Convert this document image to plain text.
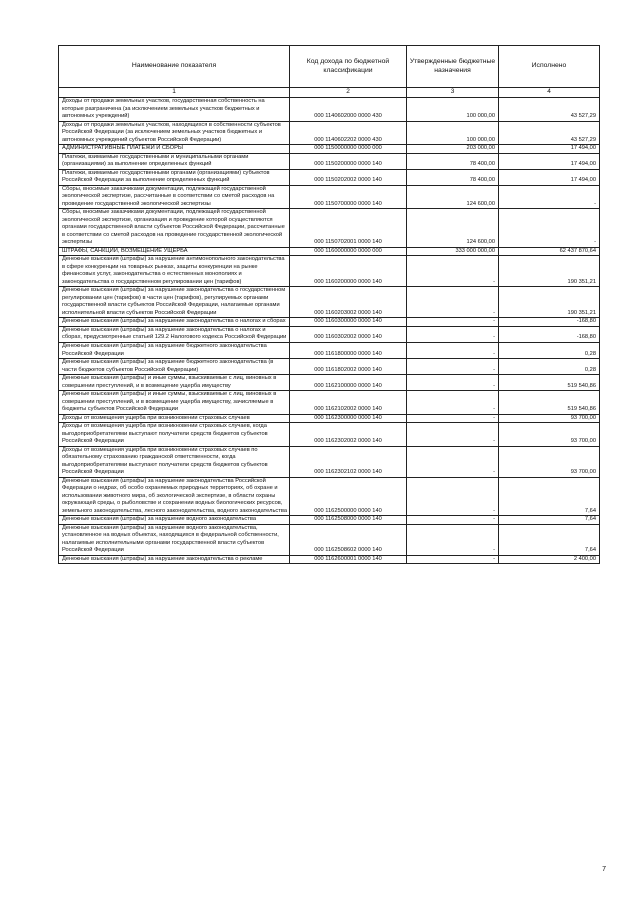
Наименование показателя	Код дохода по бюджетной классификации	Утвержденные бюджетные назначения	Исполнено
1	2	3	4
Доходы от продажи земельных участков, государственная собственность на которые разграничена (за исключением земельных участков бюджетных и автономных учреждений)	000 1140602000 0000 430	100 000,00	43 527,29
Доходы от продажи земельных участков, находящихся в собственности субъектов Российской Федерации (за исключением земельных участков бюджетных и автономных учреждений субъектов Российской Федерации)	000 1140602202 0000 430	100 000,00	43 527,29
АДМИНИСТРАТИВНЫЕ ПЛАТЕЖИ И СБОРЫ	000 1150000000 0000 000	203 000,00	17 494,00
Платежи, взимаемые государственными и муниципальными органами (организациями) за выполнение определенных функций	000 1150200000 0000 140	78 400,00	17 494,00
Платежи, взимаемые государственными органами (организациями) субъектов Российской Федерации за выполнение определенных функций	000 1150202002 0000 140	78 400,00	17 494,00
Сборы, вносимые заказчиками документации, подлежащей государственной экологической экспертизе, рассчитанные в соответствии со сметой расходов на проведение государственной экологической экспертизы	000 1150700000 0000 140	124 600,00	-
Сборы, вносимые заказчиками документации, подлежащей государственной экологической экспертизе, организация и проведение которой осуществляются органами государственной власти субъектов Российской Федерации, рассчитанные в соответствии со сметой расходов на проведение государственной экологической экспертизы	000 1150702001 0000 140	124 600,00	-
ШТРАФЫ, САНКЦИИ, ВОЗМЕЩЕНИЕ УЩЕРБА	000 1160000000 0000 000	333 000 000,00	62 437 870,64
Денежные взыскания (штрафы) за нарушение антимонопольного законодательства в сфере конкуренции на товарных рынках, защиты конкуренции на рынке финансовых услуг, законодательства о естественных монополиях и законодательства о государственном регулировании цен (тарифов)	000 1160200000 0000 140	-	190 351,21
Денежные взыскания (штрафы) за нарушение законодательства о государственном регулировании цен (тарифов) в части цен (тарифов), регулируемых органами государственной власти субъектов Российской Федерации, налагаемые органами исполнительной власти субъектов Российской Федерации	000 1160203002 0000 140	-	190 351,21
Денежные взыскания (штрафы) за нарушение законодательства о налогах и сборах	000 1160300000 0000 140	-	-168,80
Денежные взыскания (штрафы) за нарушение законодательства о налогах и сборах, предусмотренные статьей 129.2 Налогового кодекса Российской Федерации	000 1160302002 0000 140	-	-168,80
Денежные взыскания (штрафы) за нарушение бюджетного законодательства Российской Федерации	000 1161800000 0000 140	-	0,28
Денежные взыскания (штрафы) за нарушение бюджетного законодательства (в части бюджетов субъектов Российской Федерации)	000 1161802002 0000 140	-	0,28
Денежные взыскания (штрафы) и иные суммы, взыскиваемые с лиц, виновных в совершении преступлений, и в возмещение ущерба имуществу	000 1162100000 0000 140	-	519 540,86
Денежные взыскания (штрафы) и иные суммы, взыскиваемые с лиц, виновных в совершении преступлений, и в возмещение ущерба имуществу, зачисляемые в бюджеты субъектов Российской Федерации	000 1162102002 0000 140	-	519 540,86
Доходы от возмещения ущерба при возникновении страховых случаев	000 1162300000 0000 140	-	93 700,00
Доходы от возмещения ущерба при возникновении страховых случаев, когда выгодоприобретателями выступают получатели средств бюджетов субъектов Российской Федерации	000 1162302002 0000 140	-	93 700,00
Доходы от возмещения ущерба при возникновении страховых случаев по обязательному страхованию гражданской ответственности, когда выгодоприобретателями выступают получатели средств бюджетов субъектов Российской Федерации	000 1162302102 0000 140	-	93 700,00
Денежные взыскания (штрафы) за нарушение законодательства Российской Федерации о недрах, об особо охраняемых природных территориях, об охране и использовании животного мира, об экологической экспертизе, в области охраны окружающей среды, о рыболовстве и сохранении водных биологических ресурсов, земельного законодательства, лесного законодательства, водного законодательства	000 1162500000 0000 140	-	7,64
Денежные взыскания (штрафы) за нарушение водного законодательства	000 1162508000 0000 140	-	7,64
Денежные взыскания (штрафы) за нарушение водного законодательства, установленное на водных объектах, находящихся в федеральной собственности, налагаемые исполнительными органами государственной власти субъектов Российской Федерации	000 1162508602 0000 140	-	7,64
Денежные взыскания (штрафы) за нарушение законодательства о рекламе	000 1162600001 0000 140	-	2 400,00
7
